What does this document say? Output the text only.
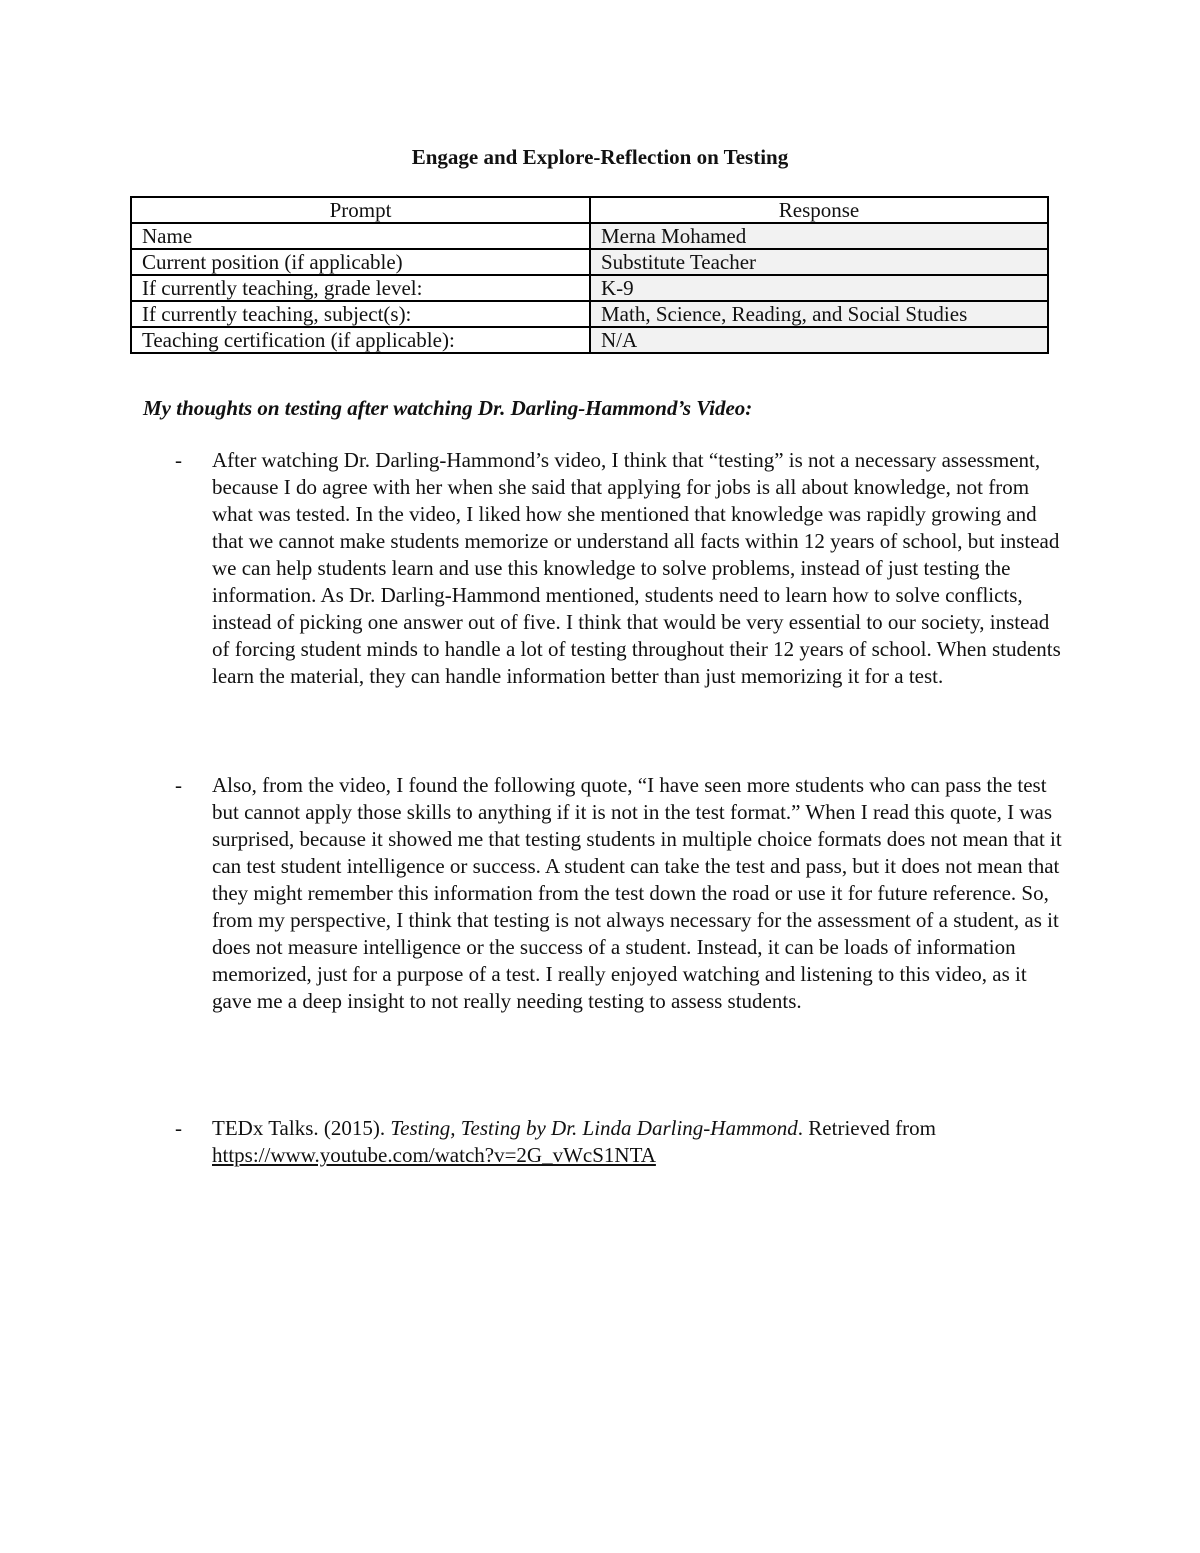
Engage and Explore-Reflection on Testing
Prompt	Response
Name	Merna Mohamed
Current position (if applicable)	Substitute Teacher
If currently teaching, grade level:	K-9
If currently teaching, subject(s):	Math, Science, Reading, and Social Studies
Teaching certification (if applicable):	N/A
My thoughts on testing after watching Dr. Darling-Hammond’s Video:
- After watching Dr. Darling-Hammond’s video, I think that “testing” is not a necessary assessment, because I do agree with her when she said that applying for jobs is all about knowledge, not from what was tested. In the video, I liked how she mentioned that knowledge was rapidly growing and that we cannot make students memorize or understand all facts within 12 years of school, but instead we can help students learn and use this knowledge to solve problems, instead of just testing the information. As Dr. Darling-Hammond mentioned, students need to learn how to solve conflicts, instead of picking one answer out of five. I think that would be very essential to our society, instead of forcing student minds to handle a lot of testing throughout their 12 years of school. When students learn the material, they can handle information better than just memorizing it for a test.
- Also, from the video, I found the following quote, “I have seen more students who can pass the test but cannot apply those skills to anything if it is not in the test format.” When I read this quote, I was surprised, because it showed me that testing students in multiple choice formats does not mean that it can test student intelligence or success. A student can take the test and pass, but it does not mean that they might remember this information from the test down the road or use it for future reference. So, from my perspective, I think that testing is not always necessary for the assessment of a student, as it does not measure intelligence or the success of a student. Instead, it can be loads of information memorized, just for a purpose of a test. I really enjoyed watching and listening to this video, as it gave me a deep insight to not really needing testing to assess students.
- TEDx Talks. (2015). Testing, Testing by Dr. Linda Darling-Hammond. Retrieved from https://www.youtube.com/watch?v=2G_vWcS1NTA
